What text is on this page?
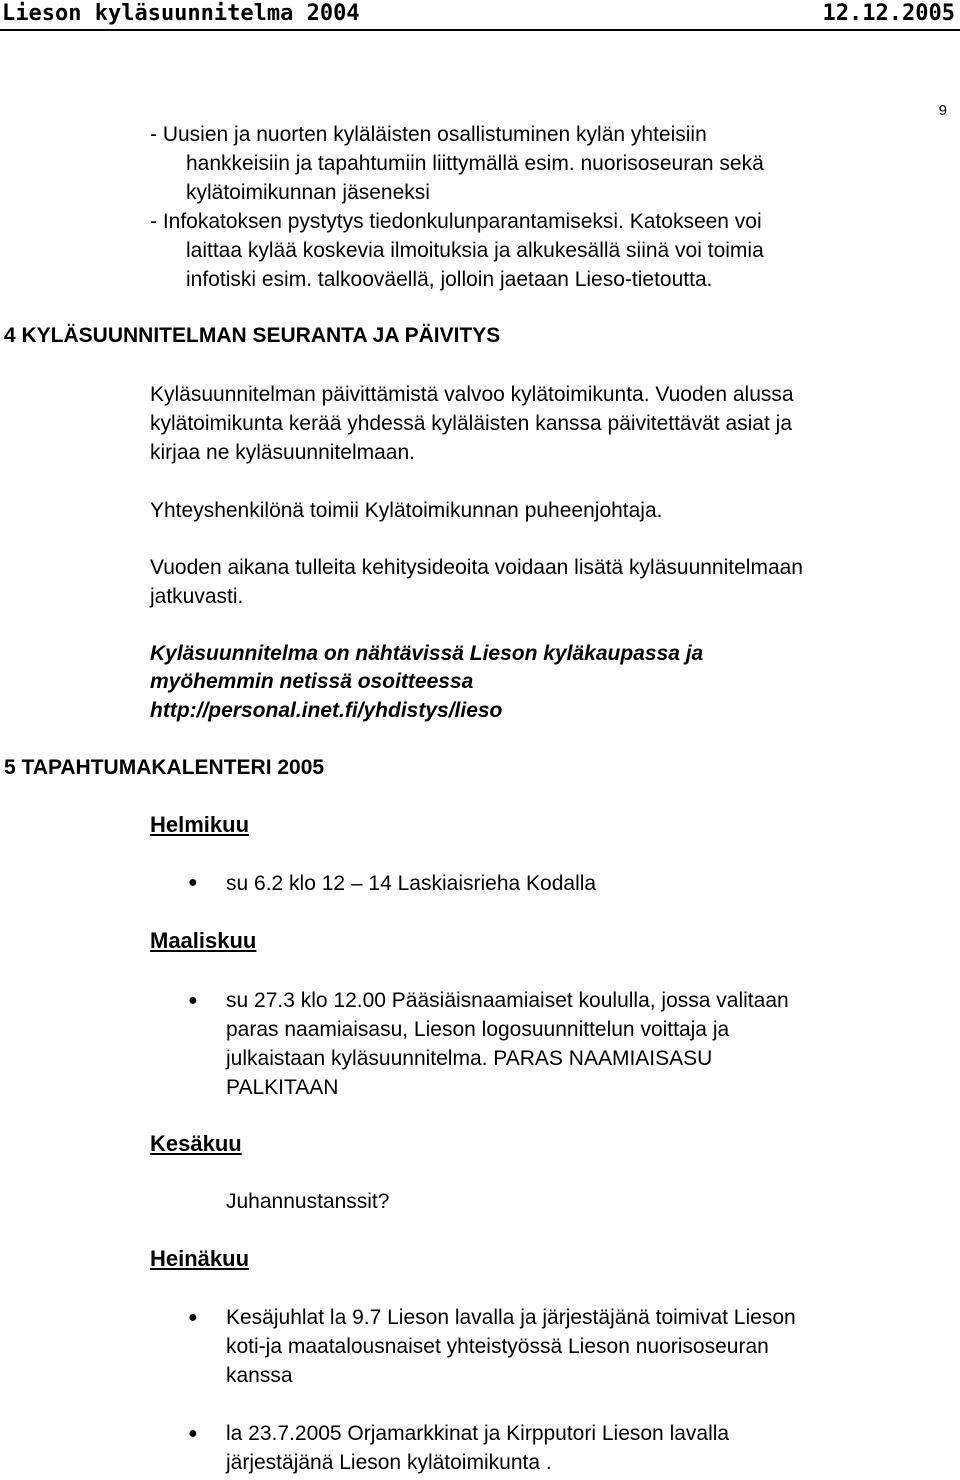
Lieson kyläsuunnitelma 2004	12.12.2005
9
- Uusien ja nuorten kyläläisten osallistuminen kylän yhteisiin
hankkeisiin ja tapahtumiin liittymällä esim. nuorisoseuran sekä
kylätoimikunnan jäseneksi
- Infokatoksen pystytys tiedonkulunparantamiseksi. Katokseen voi
laittaa kylää koskevia ilmoituksia ja alkukesällä siinä voi toimia
infotiski esim. talkooväellä, jolloin jaetaan Lieso-tietoutta.
4 KYLÄSUUNNITELMAN SEURANTA JA PÄIVITYS
Kyläsuunnitelman päivittämistä valvoo kylätoimikunta. Vuoden alussa
kylätoimikunta kerää yhdessä kyläläisten kanssa päivitettävät asiat ja
kirjaa ne kyläsuunnitelmaan.
Yhteyshenkilönä toimii Kylätoimikunnan puheenjohtaja.
Vuoden aikana tulleita kehitysideoita voidaan lisätä kyläsuunnitelmaan
jatkuvasti.
Kyläsuunnitelma on nähtävissä Lieson kyläkaupassa ja
myöhemmin netissä osoitteessa
http://personal.inet.fi/yhdistys/lieso
5 TAPAHTUMAKALENTERI 2005
Helmikuu
● su 6.2 klo 12 – 14 Laskiaisrieha Kodalla
Maaliskuu
● su 27.3 klo 12.00 Pääsiäisnaamiaiset koululla, jossa valitaan
paras naamiaisasu, Lieson logosuunnittelun voittaja ja
julkaistaan kyläsuunnitelma. PARAS NAAMIAISASU
PALKITAAN
Kesäkuu
Juhannustanssit?
Heinäkuu
● Kesäjuhlat la 9.7 Lieson lavalla ja järjestäjänä toimivat Lieson
koti-ja maatalousnaiset yhteistyössä Lieson nuorisoseuran
kanssa
● la 23.7.2005 Orjamarkkinat ja Kirpputori Lieson lavalla
järjestäjänä Lieson kylätoimikunta .
